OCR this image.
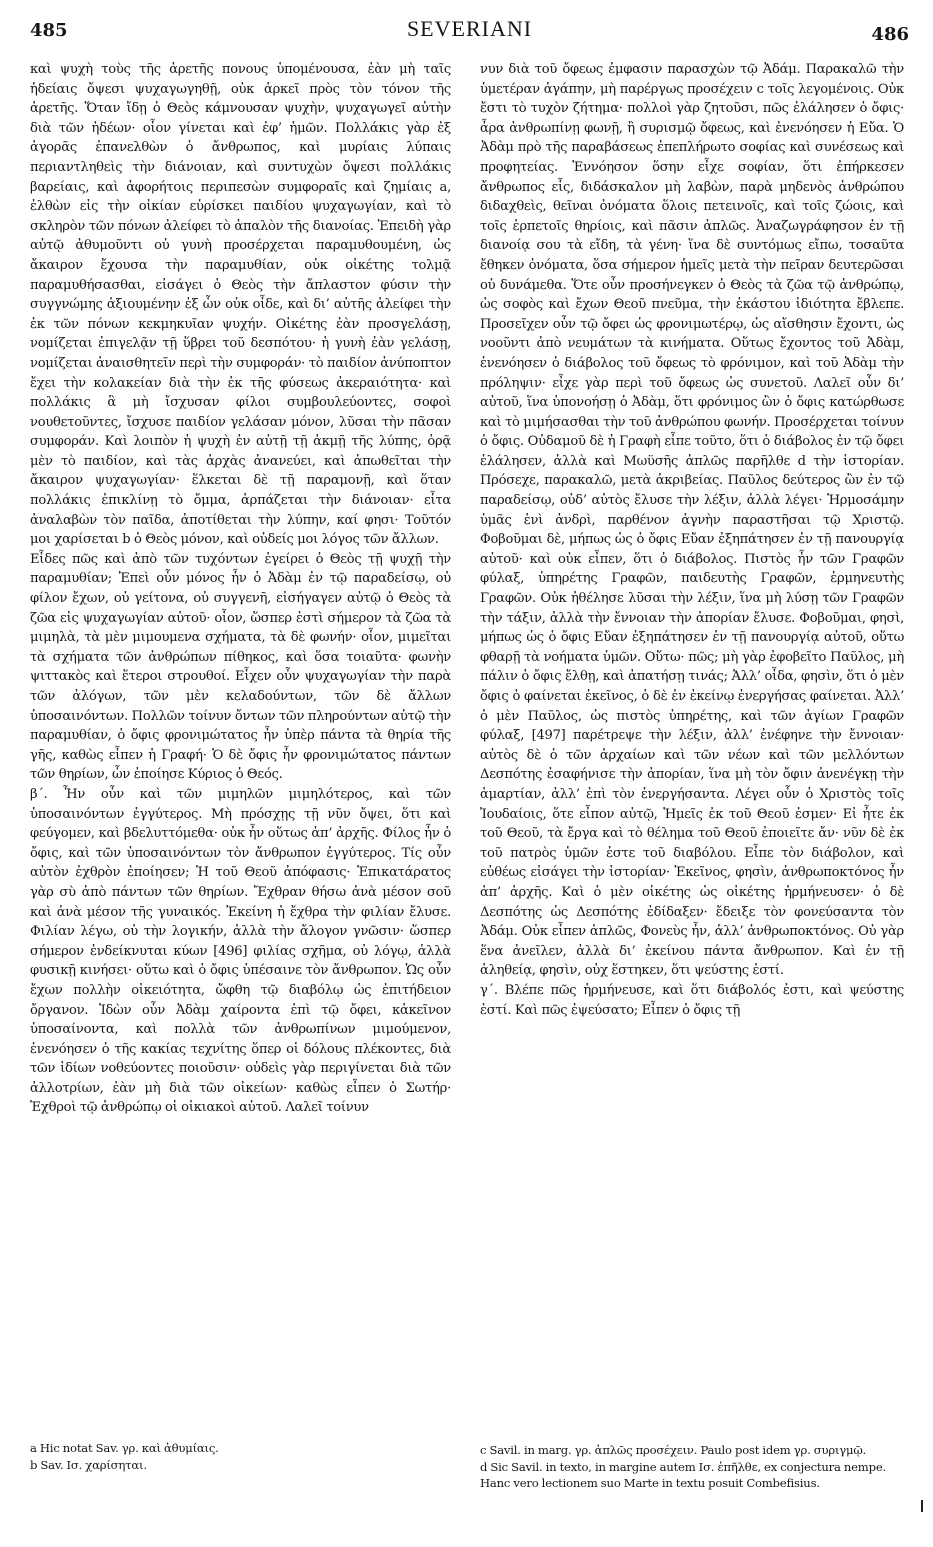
485	SEVERIANI	486

καὶ ψυχὴ τοὺς τῆς ἀρετῆς πονους ὑπομένουσα, ἐὰν μὴ ταῖς ἡδείαις ὄψεσι ψυχαγωγηθῇ, οὐκ ἀρκεῖ πρὸς τὸν τόνον τῆς ἀρετῆς. Ὅταν ἴδῃ ὁ Θεὸς κάμνουσαν ψυχὴν, ψυχαγωγεῖ αὐτὴν διὰ τῶν ἡδέων· οἷον γίνεται καὶ ἐφ’ ἡμῶν. Πολλάκις γὰρ ἐξ ἀγορᾶς ἐπανελθὼν ὁ ἄνθρωπος, καὶ μυρίαις λύπαις περιαντληθεὶς τὴν διάνοιαν, καὶ συντυχὼν ὄψεσι πολλάκις βαρείαις, καὶ ἀφορήτοις περιπεσὼν συμφοραῖς καὶ ζημίαις a, ἐλθὼν εἰς τὴν οἰκίαν εὑρίσκει παιδίου ψυχαγωγίαν, καὶ τὸ σκληρὸν τῶν πόνων ἀλείφει τὸ ἁπαλὸν τῆς διανοίας. Ἐπειδὴ γὰρ αὐτῷ ἀθυμοῦντι οὐ γυνὴ προσέρχεται παραμυθουμένη, ὡς ἄκαιρον ἔχουσα τὴν παραμυθίαν, οὐκ οἰκέτης τολμᾷ παραμυθήσασθαι, εἰσάγει ὁ Θεὸς τὴν ἄπλαστον φύσιν τὴν συγγνώμης ἀξιουμένην ἐξ ὧν οὐκ οἶδε, καὶ δι’ αὐτῆς ἀλείφει τὴν ἐκ τῶν πόνων κεκμηκυῖαν ψυχήν. Οἰκέτης ἐὰν προσγελάσῃ, νομίζεται ἐπιγελᾷν τῇ ὕβρει τοῦ δεσπότου· ἡ γυνὴ ἐὰν γελάσῃ, νομίζεται ἀναισθητεῖν περὶ τὴν συμφοράν· τὸ παιδίον ἀνύποπτον ἔχει τὴν κολακείαν διὰ τὴν ἐκ τῆς φύσεως ἀκεραιότητα· καὶ πολλάκις ἃ μὴ ἴσχυσαν φίλοι συμβουλεύοντες, σοφοὶ νουθετοῦντες, ἴσχυσε παιδίον γελάσαν μόνον, λῦσαι τὴν πᾶσαν συμφοράν. Καὶ λοιπὸν ἡ ψυχὴ ἐν αὐτῇ τῇ ἀκμῇ τῆς λύπης, ὁρᾷ μὲν τὸ παιδίον, καὶ τὰς ἀρχὰς ἀνανεύει, καὶ ἀπωθεῖται τὴν ἄκαιρον ψυχαγωγίαν· ἕλκεται δὲ τῇ παραμονῇ, καὶ ὅταν πολλάκις ἐπικλίνῃ τὸ ὄμμα, ἁρπάζεται τὴν διάνοιαν· εἶτα ἀναλαβὼν τὸν παῖδα, ἀποτίθεται τὴν λύπην, καί φησι· Τοῦτόν μοι χαρίσεται b ὁ Θεὸς μόνον, καὶ οὐδείς μοι λόγος τῶν ἄλλων.

Εἶδες πῶς καὶ ἀπὸ τῶν τυχόντων ἐγείρει ὁ Θεὸς τῇ ψυχῇ τὴν παραμυθίαν; Ἐπεὶ οὖν μόνος ἦν ὁ Ἀδὰμ ἐν τῷ παραδείσῳ, οὐ φίλον ἔχων, οὐ γείτονα, οὐ συγγενῆ, εἰσήγαγεν αὐτῷ ὁ Θεὸς τὰ ζῶα εἰς ψυχαγωγίαν αὐτοῦ· οἷον, ὥσπερ ἐστὶ σήμερον τὰ ζῶα τὰ μιμηλὰ, τὰ μὲν μιμουμενα σχήματα, τὰ δὲ φωνήν· οἷον, μιμεῖται τὰ σχήματα τῶν ἀνθρώπων πίθηκος, καὶ ὅσα τοιαῦτα· φωνὴν ψιττακὸς καὶ ἕτεροι στρουθοί. Εἶχεν οὖν ψυχαγωγίαν τὴν παρὰ τῶν ἀλόγων, τῶν μὲν κελαδούντων, τῶν δὲ ἄλλων ὑποσαινόντων. Πολλῶν τοίνυν ὄντων τῶν πληρούντων αὐτῷ τὴν παραμυθίαν, ὁ ὄφις φρονιμώτατος ἦν ὑπὲρ πάντα τὰ θηρία τῆς γῆς, καθὼς εἶπεν ἡ Γραφή· Ὁ δὲ ὄφις ἦν φρονιμώτατος πάντων τῶν θηρίων, ὧν ἐποίησε Κύριος ὁ Θεός.

β΄. Ἦν οὖν καὶ τῶν μιμηλῶν μιμηλότερος, καὶ τῶν ὑποσαινόντων ἐγγύτερος. Μὴ πρόσχῃς τῇ νῦν ὄψει, ὅτι καὶ φεύγομεν, καὶ βδελυττόμεθα· οὐκ ἦν οὕτως ἀπ’ ἀρχῆς. Φίλος ἦν ὁ ὄφις, καὶ τῶν ὑποσαινόντων τὸν ἄνθρωπον ἐγγύτερος. Τίς οὖν αὐτὸν ἐχθρὸν ἐποίησεν; Ἡ τοῦ Θεοῦ ἀπόφασις· Ἐπικατάρατος γὰρ σὺ ἀπὸ πάντων τῶν θηρίων. Ἔχθραν θήσω ἀνὰ μέσον σοῦ καὶ ἀνὰ μέσον τῆς γυναικός. Ἐκείνη ἡ ἔχθρα τὴν φιλίαν ἔλυσε. Φιλίαν λέγω, οὐ τὴν λογικήν, ἀλλὰ τὴν ἄλογον γνῶσιν· ὥσπερ σήμερον ἐνδείκνυται κύων [496] φιλίας σχῆμα, οὐ λόγῳ, ἀλλὰ φυσικῇ κινήσει· οὕτω καὶ ὁ ὄφις ὑπέσαινε τὸν ἄνθρωπον. Ὡς οὖν ἔχων πολλὴν οἰκειότητα, ὤφθη τῷ διαβόλῳ ὡς ἐπιτήδειον ὄργανον. Ἰδὼν οὖν Ἀδὰμ χαίροντα ἐπὶ τῷ ὄφει, κἀκεῖνον ὑποσαίνοντα, καὶ πολλὰ τῶν ἀνθρωπίνων μιμούμενον, ἐνενόησεν ὁ τῆς κακίας τεχνίτης ὅπερ οἱ δόλους πλέκοντες, διὰ τῶν ἰδίων νοθεύοντες ποιοῦσιν· οὐδεὶς γὰρ περιγίνεται διὰ τῶν ἀλλοτρίων, ἐὰν μὴ διὰ τῶν οἰκείων· καθὼς εἶπεν ὁ Σωτήρ· Ἐχθροὶ τῷ ἀνθρώπῳ οἱ οἰκιακοὶ αὐτοῦ. Λαλεῖ τοίνυν

a Hic notat Sav. γρ. καὶ ἀθυμίαις.

b Sav. Ισ. χαρίσηται.

νυν διὰ τοῦ ὄφεως ἐμφασιν παρασχὼν τῷ Ἀδάμ. Παρακαλῶ τὴν ὑμετέραν ἀγάπην, μὴ παρέργως προσέχειν c τοῖς λεγομένοις. Οὐκ ἔστι τὸ τυχὸν ζήτημα· πολλοὶ γὰρ ζητοῦσι, πῶς ἐλάλησεν ὁ ὄφις· ἆρα ἀνθρωπίνῃ φωνῇ, ἢ συρισμῷ ὄφεως, καὶ ἐνενόησεν ἡ Εὔα. Ὁ Ἀδὰμ πρὸ τῆς παραβάσεως ἐπεπλήρωτο σοφίας καὶ συνέσεως καὶ προφητείας. Ἐννόησον ὅσην εἶχε σοφίαν, ὅτι ἐπήρκεσεν ἄνθρωπος εἷς, διδάσκαλον μὴ λαβὼν, παρὰ μηδενὸς ἀνθρώπου διδαχθεὶς, θεῖναι ὀνόματα ὅλοις πετεινοῖς, καὶ τοῖς ζώοις, καὶ τοῖς ἑρπετοῖς θηρίοις, καὶ πᾶσιν ἁπλῶς. Ἀναζωγράφησον ἐν τῇ διανοίᾳ σου τὰ εἴδη, τὰ γένη· ἵνα δὲ συντόμως εἴπω, τοσαῦτα ἔθηκεν ὀνόματα, ὅσα σήμερον ἡμεῖς μετὰ τὴν πεῖραν δευτερῶσαι οὐ δυνάμεθα. Ὅτε οὖν προσήνεγκεν ὁ Θεὸς τὰ ζῶα τῷ ἀνθρώπῳ, ὡς σοφὸς καὶ ἔχων Θεοῦ πνεῦμα, τὴν ἑκάστου ἰδιότητα ἔβλεπε. Προσεῖχεν οὖν τῷ ὄφει ὡς φρονιμωτέρῳ, ὡς αἴσθησιν ἔχοντι, ὡς νοοῦντι ἀπὸ νευμάτων τὰ κινήματα. Οὕτως ἔχοντος τοῦ Ἀδὰμ, ἐνενόησεν ὁ διάβολος τοῦ ὄφεως τὸ φρόνιμον, καὶ τοῦ Ἀδὰμ τὴν πρόληψιν· εἶχε γὰρ περὶ τοῦ ὄφεως ὡς συνετοῦ. Λαλεῖ οὖν δι’ αὐτοῦ, ἵνα ὑπονοήσῃ ὁ Ἀδὰμ, ὅτι φρόνιμος ὢν ὁ ὄφις κατώρθωσε καὶ τὸ μιμήσασθαι τὴν τοῦ ἀνθρώπου φωνήν. Προσέρχεται τοίνυν ὁ ὄφις. Οὐδαμοῦ δὲ ἡ Γραφὴ εἶπε τοῦτο, ὅτι ὁ διάβολος ἐν τῷ ὄφει ἐλάλησεν, ἀλλὰ καὶ Μωϋσῆς ἁπλῶς παρῆλθε d τὴν ἱστορίαν. Πρόσεχε, παρακαλῶ, μετὰ ἀκριβείας. Παῦλος δεύτερος ὢν ἐν τῷ παραδείσῳ, οὐδ’ αὐτὸς ἔλυσε τὴν λέξιν, ἀλλὰ λέγει· Ἡρμοσάμην ὑμᾶς ἑνὶ ἀνδρὶ, παρθένον ἁγνὴν παραστῆσαι τῷ Χριστῷ. Φοβοῦμαι δὲ, μήπως ὡς ὁ ὄφις Εὔαν ἐξηπάτησεν ἐν τῇ πανουργίᾳ αὐτοῦ· καὶ οὐκ εἶπεν, ὅτι ὁ διάβολος. Πιστὸς ἦν τῶν Γραφῶν φύλαξ, ὑπηρέτης Γραφῶν, παιδευτὴς Γραφῶν, ἑρμηνευτὴς Γραφῶν. Οὐκ ἠθέλησε λῦσαι τὴν λέξιν, ἵνα μὴ λύσῃ τῶν Γραφῶν τὴν τάξιν, ἀλλὰ τὴν ἔννοιαν τὴν ἀπορίαν ἔλυσε. Φοβοῦμαι, φησὶ, μήπως ὡς ὁ ὄφις Εὔαν ἐξηπάτησεν ἐν τῇ πανουργίᾳ αὐτοῦ, οὕτω φθαρῇ τὰ νοήματα ὑμῶν. Οὕτω· πῶς; μὴ γὰρ ἐφοβεῖτο Παῦλος, μὴ πάλιν ὁ ὄφις ἔλθῃ, καὶ ἀπατήσῃ τινάς; Ἀλλ’ οἶδα, φησὶν, ὅτι ὁ μὲν ὄφις ὁ φαίνεται ἐκεῖνος, ὁ δὲ ἐν ἐκείνῳ ἐνεργήσας φαίνεται. Ἀλλ’ ὁ μὲν Παῦλος, ὡς πιστὸς ὑπηρέτης, καὶ τῶν ἁγίων Γραφῶν φύλαξ, [497] παρέτρεψε τὴν λέξιν, ἀλλ’ ἐνέφηνε τὴν ἔννοιαν· αὐτὸς δὲ ὁ τῶν ἀρχαίων καὶ τῶν νέων καὶ τῶν μελλόντων Δεσπότης ἐσαφήνισε τὴν ἀπορίαν, ἵνα μὴ τὸν ὄφιν ἀνενέγκῃ τὴν ἁμαρτίαν, ἀλλ’ ἐπὶ τὸν ἐνεργήσαντα. Λέγει οὖν ὁ Χριστὸς τοῖς Ἰουδαίοις, ὅτε εἶπον αὐτῷ, Ἡμεῖς ἐκ τοῦ Θεοῦ ἐσμεν· Εἰ ἦτε ἐκ τοῦ Θεοῦ, τὰ ἔργα καὶ τὸ θέλημα τοῦ Θεοῦ ἐποιεῖτε ἄν· νῦν δὲ ἐκ τοῦ πατρὸς ὑμῶν ἐστε τοῦ διαβόλου. Εἶπε τὸν διάβολον, καὶ εὐθέως εἰσάγει τὴν ἱστορίαν· Ἐκεῖνος, φησὶν, ἀνθρωποκτόνος ἦν ἀπ’ ἀρχῆς. Καὶ ὁ μὲν οἰκέτης ὡς οἰκέτης ἡρμήνευσεν· ὁ δὲ Δεσπότης ὡς Δεσπότης ἐδίδαξεν· ἔδειξε τὸν φονεύσαντα τὸν Ἀδάμ. Οὐκ εἶπεν ἁπλῶς, Φονεὺς ἦν, ἀλλ’ ἀνθρωποκτόνος. Οὐ γὰρ ἕνα ἀνεῖλεν, ἀλλὰ δι’ ἐκείνου πάντα ἄνθρωπον. Καὶ ἐν τῇ ἀληθείᾳ, φησὶν, οὐχ ἕστηκεν, ὅτι ψεύστης ἐστί.

γ΄. Βλέπε πῶς ἡρμήνευσε, καὶ ὅτι διάβολός ἐστι, καὶ ψεύστης ἐστί. Καὶ πῶς ἐψεύσατο; Εἶπεν ὁ ὄφις τῇ

c Savil. in marg. γρ. ἁπλῶς προσέχειν. Paulo post idem γρ. συριγμῷ.

d Sic Savil. in texto, in margine autem Ισ. ἐπῆλθε, ex conjectura nempe. Hanc vero lectionem suo Marte in textu posuit Combefisius.
